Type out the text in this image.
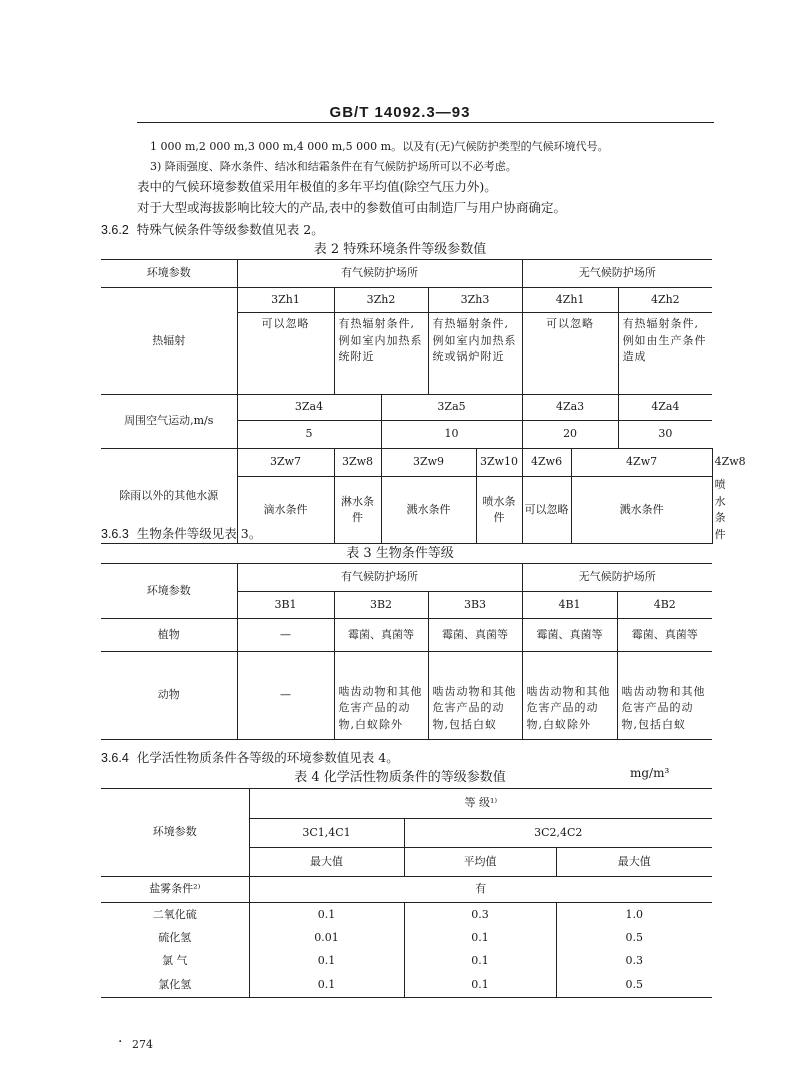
GB/T 14092.3—93
1 000 m,2 000 m,3 000 m,4 000 m,5 000 m。以及有(无)气候防护类型的气候环境代号。
3) 降雨强度、降水条件、结冰和结霜条件在有气候防护场所可以不必考虑。
表中的气候环境参数值采用年极值的多年平均值(除空气压力外)。
对于大型或海拔影响比较大的产品,表中的参数值可由制造厂与用户协商确定。
3.6.2 特殊气候条件等级参数值见表 2。
表 2 特殊环境条件等级参数值
环境参数	有气候防护场所					无气候防护场所			
热辐射	3Zh1	3Zh2		3Zh3		4Zh1		4Zh2	
	可以忽略	有热辐射条件,例如室内加热系统附近		有热辐射条件,例如室内加热系统或锅炉附近		可以忽略		有热辐射条件,例如由生产条件造成	
周围空气运动,m/s	3Za4		3Za5			4Za3		4Za4	
	5		10			20		30	
除雨以外的其他水源	3Zw7	3Zw8	3Zw9		3Zw10	4Zw6	4Zw7		4Zw8
	滴水条件	淋水条件	溅水条件		喷水条件	可以忽略	溅水条件		喷水条件
3.6.3 生物条件等级见表 3。
表 3 生物条件等级
环境参数	有气候防护场所			无气候防护场所	
	3B1	3B2	3B3	4B1	4B2
植物	—	霉菌、真菌等	霉菌、真菌等	霉菌、真菌等	霉菌、真菌等
动物	—	啮齿动物和其他危害产品的动物,白蚁除外	啮齿动物和其他危害产品的动物,包括白蚁	啮齿动物和其他危害产品的动物,白蚁除外	啮齿动物和其他危害产品的动物,包括白蚁
3.6.4 化学活性物质条件各等级的环境参数值见表 4。
表 4 化学活性物质条件的等级参数值	mg/m³
环境参数	等 级¹⁾		
	3C1,4C1	3C2,4C2	
	最大值	平均值	最大值
盐雾条件²⁾	有		
二氧化硫	0.1	0.3	1.0
硫化氢	0.01	0.1	0.5
氯 气	0.1	0.1	0.3
氯化氢	0.1	0.1	0.5
· 274
